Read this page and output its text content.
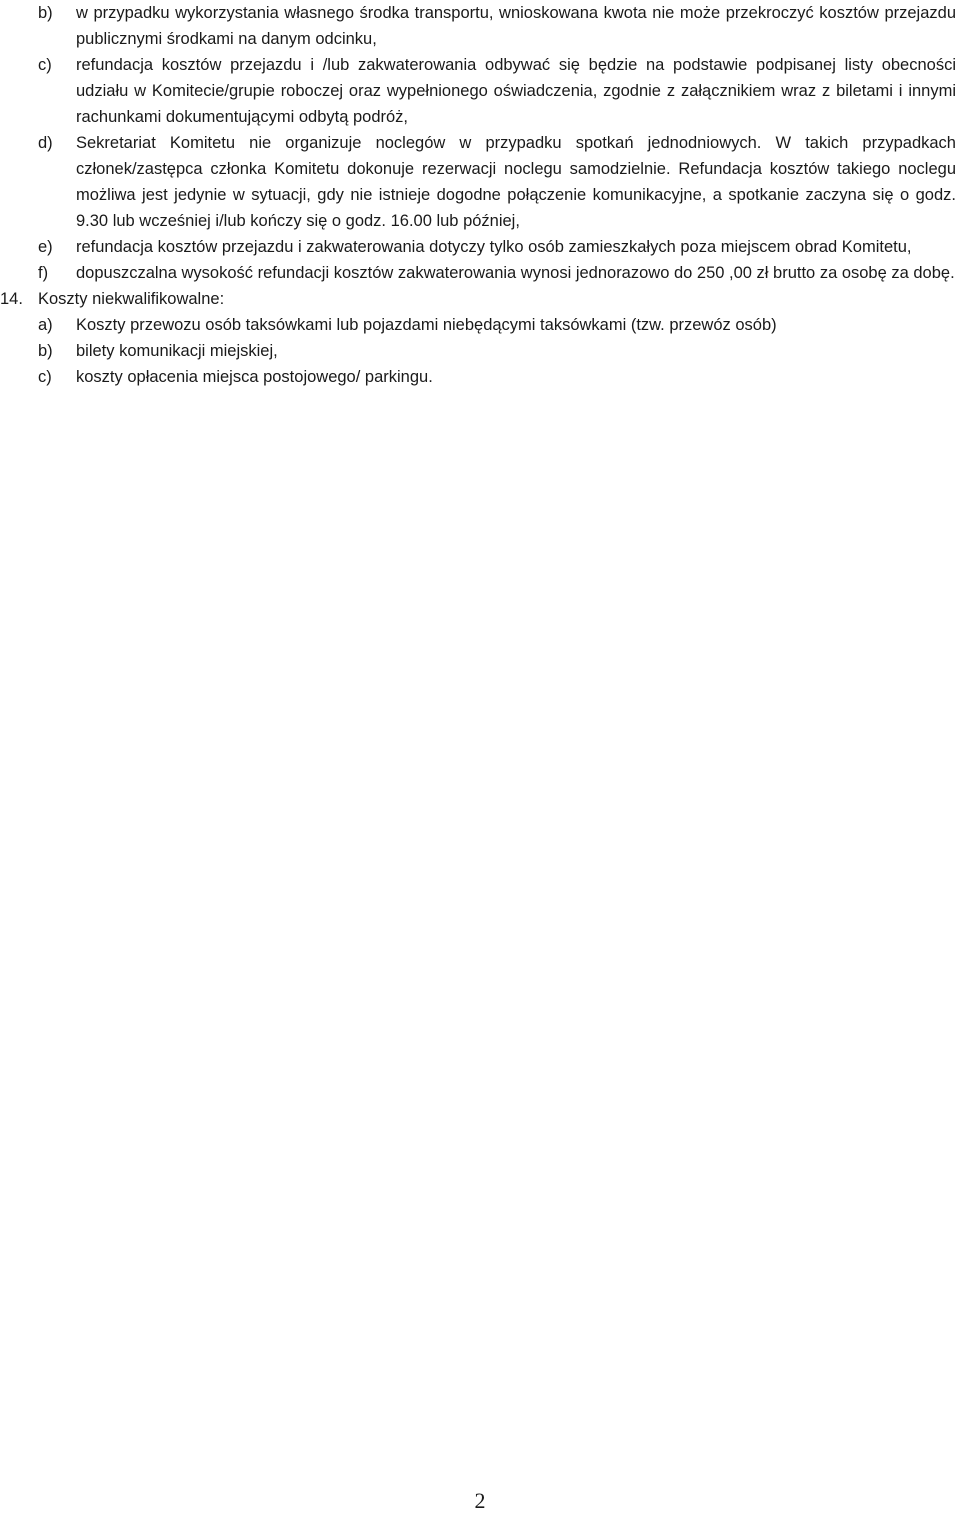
b) w przypadku wykorzystania własnego środka transportu, wnioskowana kwota nie może przekroczyć kosztów przejazdu publicznymi środkami na danym odcinku,
c) refundacja kosztów przejazdu i /lub zakwaterowania odbywać się będzie na podstawie podpisanej listy obecności udziału w Komitecie/grupie roboczej oraz wypełnionego oświadczenia, zgodnie z załącznikiem wraz z biletami i innymi rachunkami dokumentującymi odbytą podróż,
d) Sekretariat Komitetu nie organizuje noclegów w przypadku spotkań jednodniowych. W takich przypadkach członek/zastępca członka Komitetu dokonuje rezerwacji noclegu samodzielnie. Refundacja kosztów takiego noclegu możliwa jest jedynie w sytuacji, gdy nie istnieje dogodne połączenie komunikacyjne, a spotkanie zaczyna się o godz. 9.30 lub wcześniej i/lub kończy się o godz. 16.00 lub później,
e) refundacja kosztów przejazdu i zakwaterowania dotyczy tylko osób zamieszkałych poza miejscem obrad Komitetu,
f) dopuszczalna wysokość refundacji kosztów zakwaterowania wynosi jednorazowo do 250 ,00 zł brutto za osobę za dobę.
14. Koszty niekwalifikowalne:
a) Koszty przewozu osób taksówkami lub pojazdami niebędącymi taksówkami (tzw. przewóz osób)
b) bilety komunikacji miejskiej,
c) koszty opłacenia miejsca postojowego/ parkingu.
2
